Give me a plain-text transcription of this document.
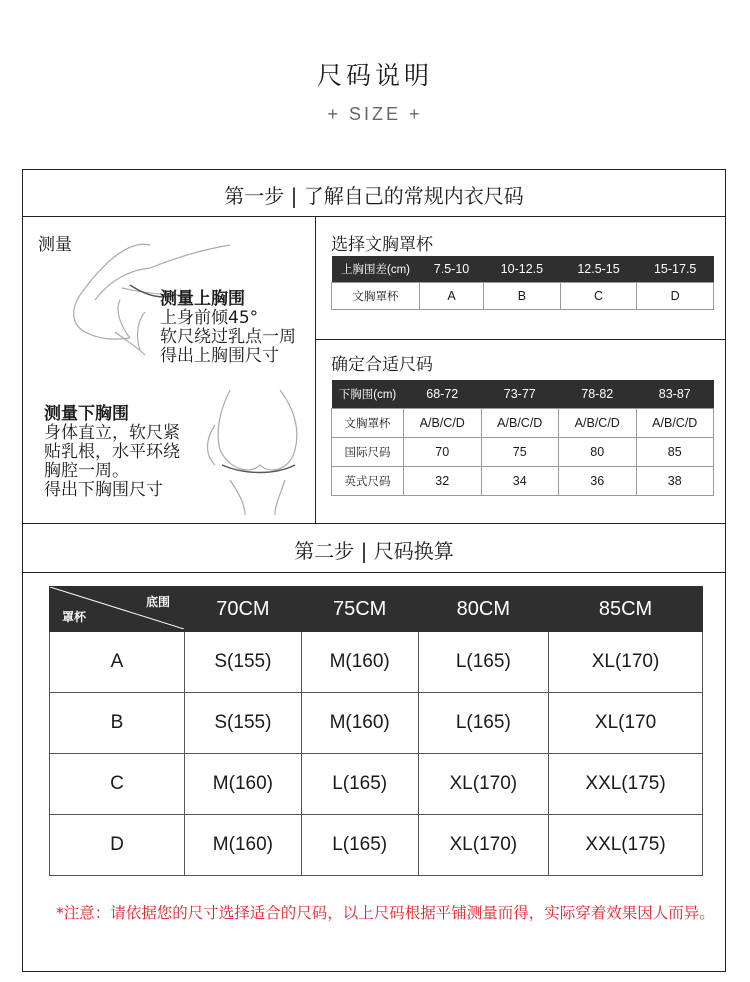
尺码说明
+ SIZE +
第一步 | 了解自己的常规内衣尺码
测量
测量上胸围
上身前倾45°
软尺绕过乳点一周
得出上胸围尺寸
测量下胸围
身体直立，软尺紧
贴乳根，水平环绕
胸腔一周。
得出下胸围尺寸
选择文胸罩杯
上胸围差(cm)	7.5-10	10-12.5	12.5-15	15-17.5
文胸罩杯	A	B	C	D
确定合适尺码
下胸围(cm)	68-72	73-77	78-82	83-87
文胸罩杯	A/B/C/D	A/B/C/D	A/B/C/D	A/B/C/D
国际尺码	70	75	80	85
英式尺码	32	34	36	38
第二步 | 尺码换算
底围
罩杯	70CM	75CM	80CM	85CM
A	S(155)	M(160)	L(165)	XL(170)
B	S(155)	M(160)	L(165)	XL(170
C	M(160)	L(165)	XL(170)	XXL(175)
D	M(160)	L(165)	XL(170)	XXL(175)
*注意：请依据您的尺寸选择适合的尺码，以上尺码根据平铺测量而得，实际穿着效果因人而异。
